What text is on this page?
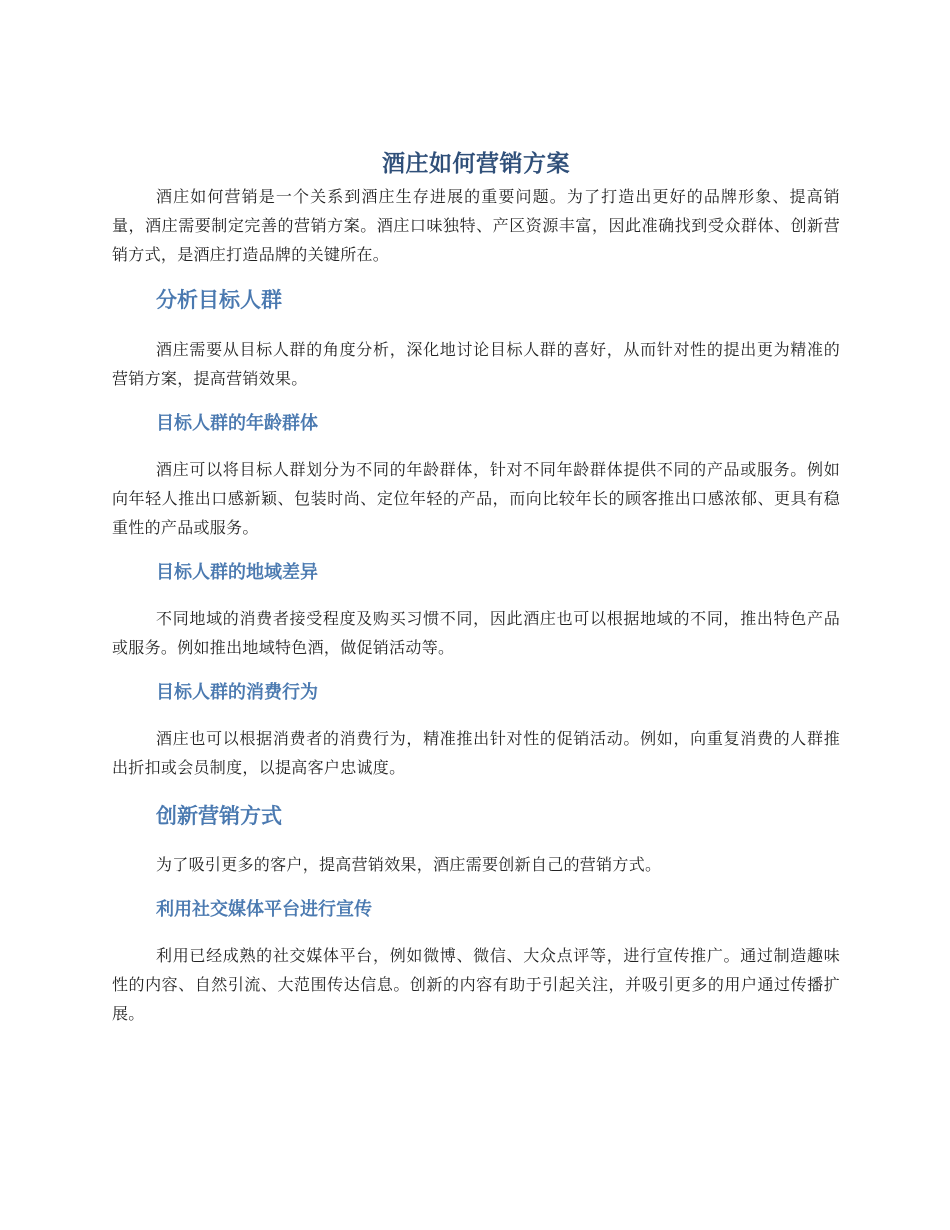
酒庄如何营销方案

酒庄如何营销是一个关系到酒庄生存进展的重要问题。为了打造出更好的品牌形象、提高销量，酒庄需要制定完善的营销方案。酒庄口味独特、产区资源丰富，因此准确找到受众群体、创新营销方式，是酒庄打造品牌的关键所在。

分析目标人群

酒庄需要从目标人群的角度分析，深化地讨论目标人群的喜好，从而针对性的提出更为精准的营销方案，提高营销效果。

目标人群的年龄群体

酒庄可以将目标人群划分为不同的年龄群体，针对不同年龄群体提供不同的产品或服务。例如向年轻人推出口感新颖、包装时尚、定位年轻的产品，而向比较年长的顾客推出口感浓郁、更具有稳重性的产品或服务。

目标人群的地域差异

不同地域的消费者接受程度及购买习惯不同，因此酒庄也可以根据地域的不同，推出特色产品或服务。例如推出地域特色酒，做促销活动等。

目标人群的消费行为

酒庄也可以根据消费者的消费行为，精准推出针对性的促销活动。例如，向重复消费的人群推出折扣或会员制度，以提高客户忠诚度。

创新营销方式

为了吸引更多的客户，提高营销效果，酒庄需要创新自己的营销方式。

利用社交媒体平台进行宣传

利用已经成熟的社交媒体平台，例如微博、微信、大众点评等，进行宣传推广。通过制造趣味性的内容、自然引流、大范围传达信息。创新的内容有助于引起关注，并吸引更多的用户通过传播扩展。
